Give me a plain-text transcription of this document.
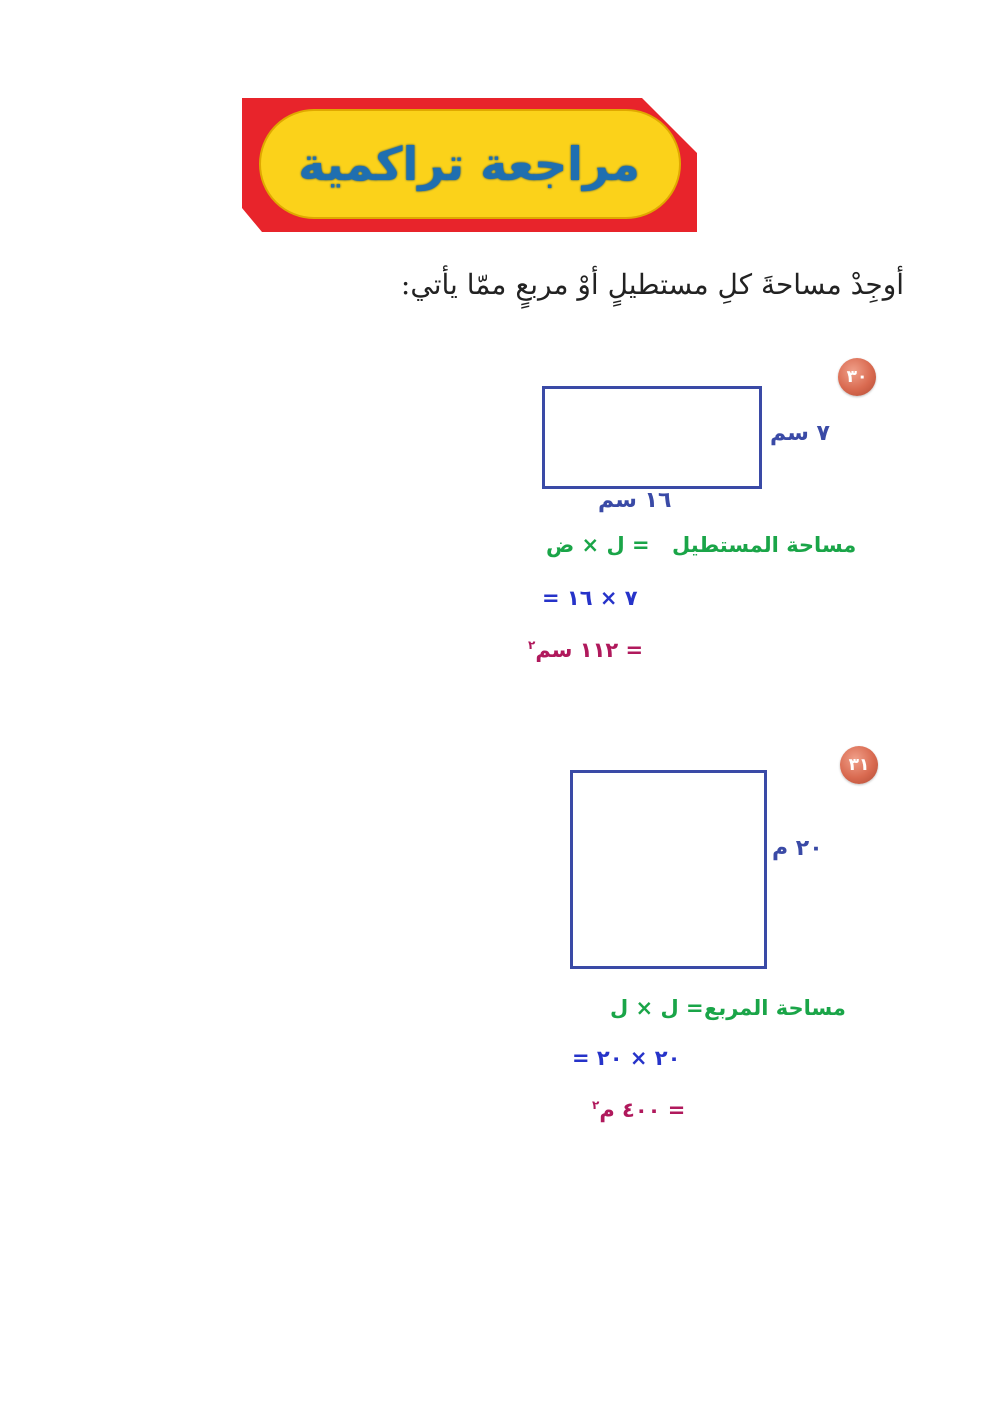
مراجعة تراكمية
أوجِدْ مساحةَ كلِ مستطيلٍ أوْ مربعٍ ممّا يأتي:
٣٠
٧ سم
١٦ سم
مساحة المستطيل
= ل × ض
= ٧ × ١٦
= ١١٢ سم$^٢$
٣١
٢٠ م
مساحة المربع
= ل × ل
= ٢٠ × ٢٠
= ٤٠٠ م$^٢$
